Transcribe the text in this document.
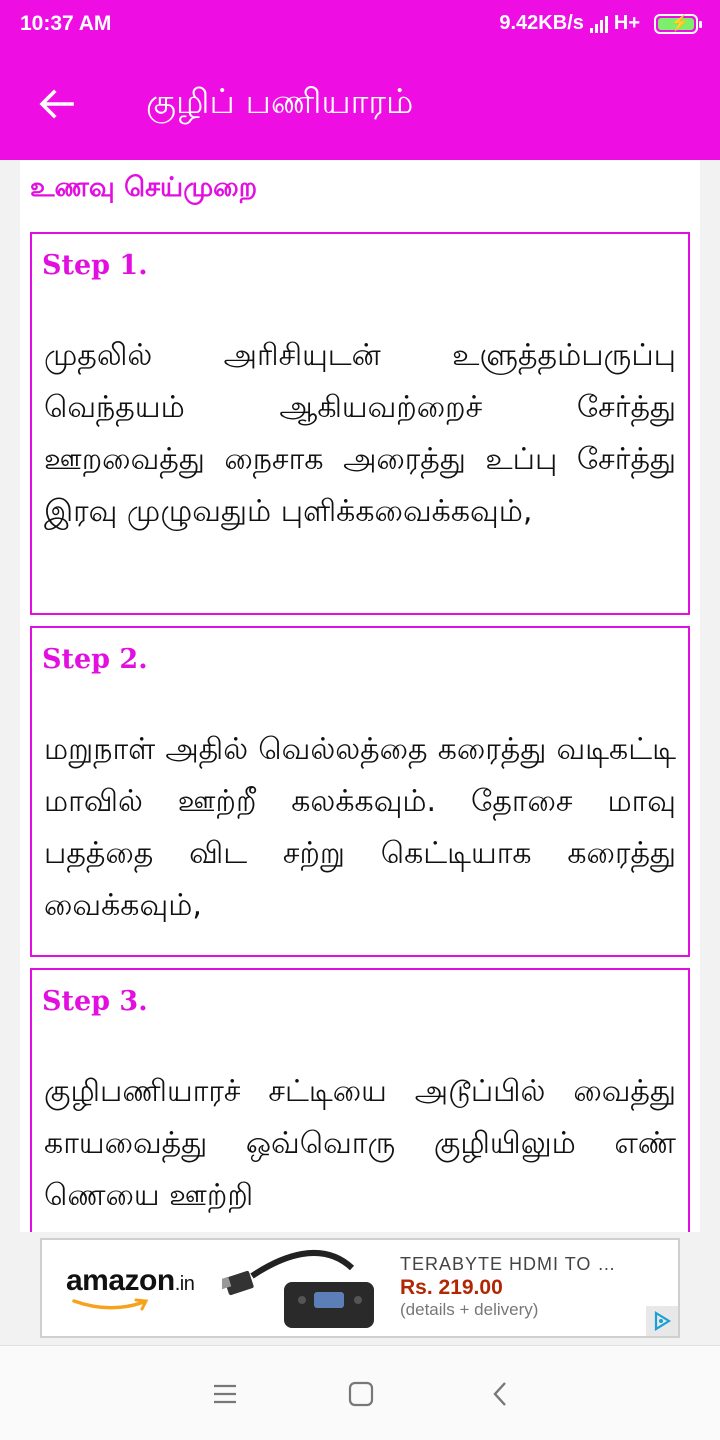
10:37 AM	9.42KB/s H+ ⚡
குழிப் பணியாரம்
உணவு செய்முறை
Step 1.
முதலில் அரிசியுடன் உளுத்தம்பருப்பு வெந்தயம் ஆகியவற்றைச் சேர்த்து ஊறவைத்து நைசாக அரைத்து உப்பு சேர்த்து இரவு முழுவதும் புளிக்கவைக்கவும்,
Step 2.
மறுநாள் அதில் வெல்லத்தை கரைத்து வடிகட்டி மாவில் ஊற்றீ கலக்கவும். தோசை மாவு பதத்தை விட சற்று கெட்டியாக கரைத்து வைக்கவும்,
Step 3.
குழிபணியாரச் சட்டியை அடூப்பில் வைத்து காயவைத்து ஒவ்வொரு குழியிலும் எண் ணெயை ஊற்றி
amazon.in
TERABYTE HDMI TO …
Rs. 219.00
(details + delivery)
